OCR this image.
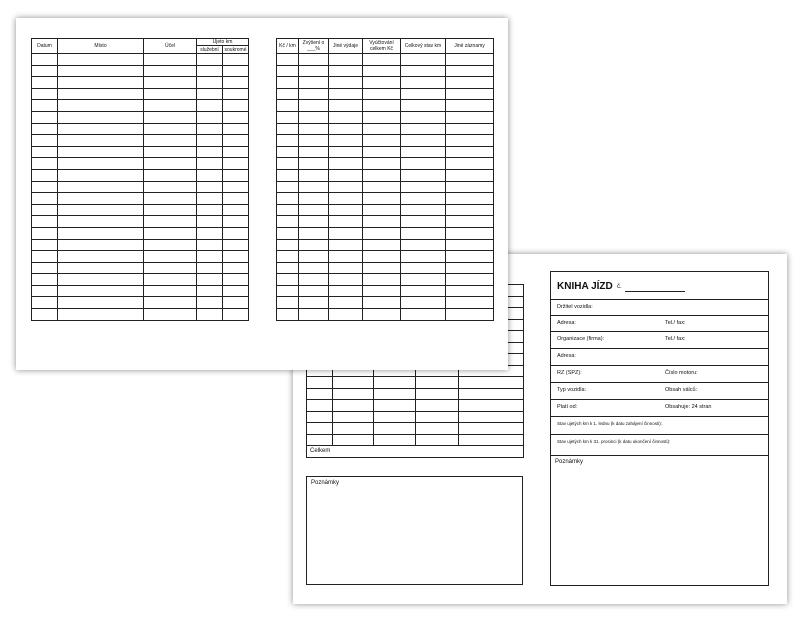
Celkem				
Poznámky
KNIHA JÍZD č.
Držitel vozidla:
Adresa:	Tel./ fax:
Organizace (firma):	Tel./ fax:
Adresa:
RZ (SPZ):	Číslo motoru:
Typ vozidla:	Obsah válců:
Platí od:	Obsahuje: 24 stran
Stav ujetých km k 1. lednu (k datu zahájení činnosti):
Stav ujetých km k 31. prosinci (k datu ukončení činnosti):
Poznámky
Datum	Místo	Účel	Ujeto km	
			služební	soukromé

Kč / km	Zvýšení o ___%	Jiné výdaje	Vyúčtování celkem Kč	Celkový stav km	Jiné záznamy
